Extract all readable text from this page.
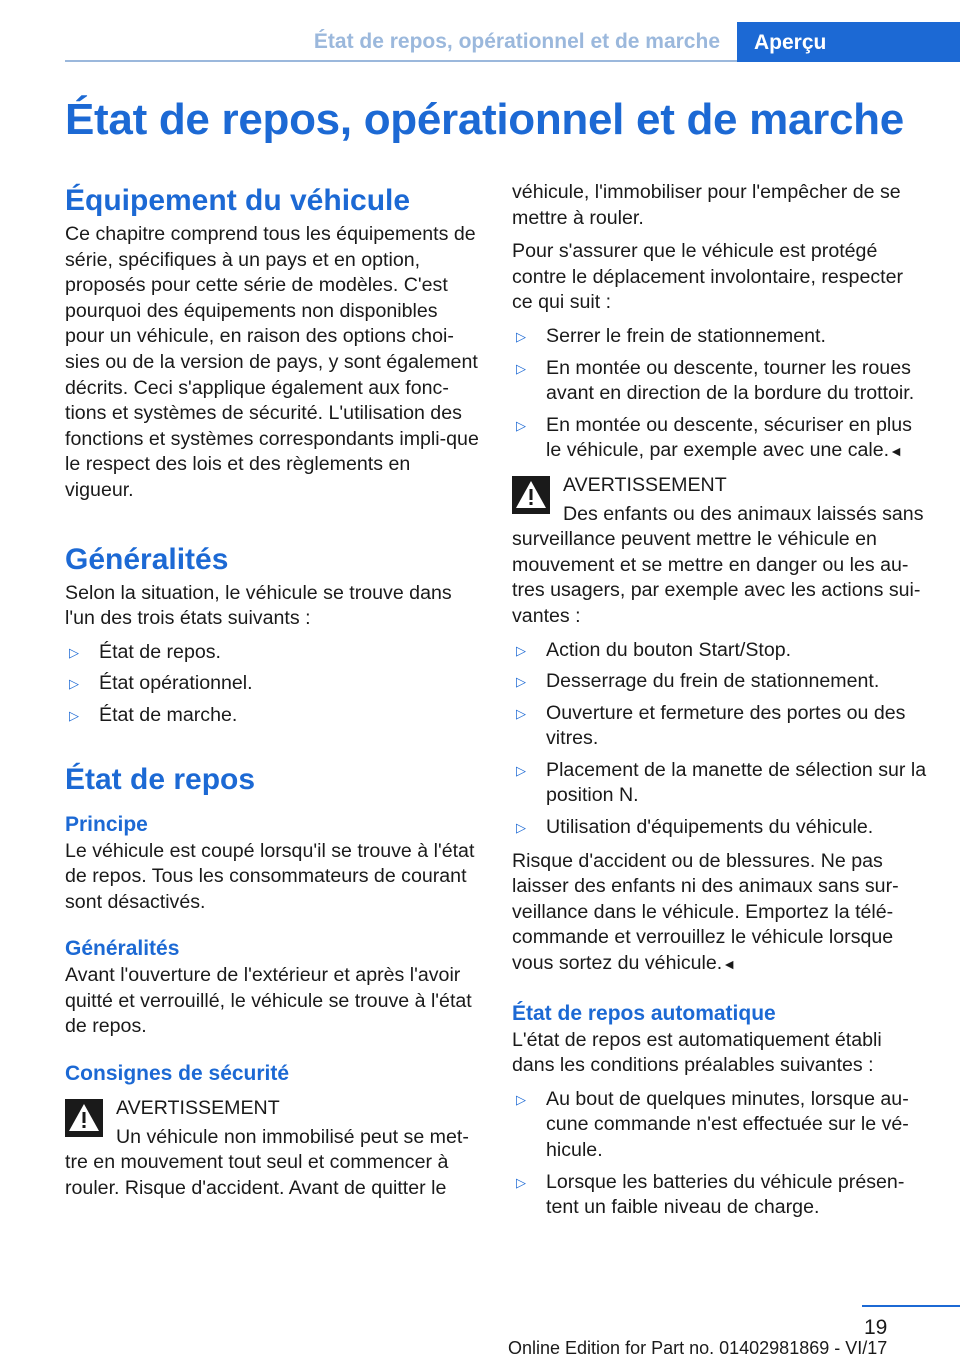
État de repos, opérationnel et de marche	Aperçu
État de repos, opérationnel et de marche
Équipement du véhicule

Ce chapitre comprend tous les équipements de série, spécifiques à un pays et en option, proposés pour cette série de modèles. C'est pourquoi des équipements non disponibles pour un véhicule, en raison des options choi-sies ou de la version de pays, y sont également décrits. Ceci s'applique également aux fonc-tions et systèmes de sécurité. L'utilisation des fonctions et systèmes correspondants impli-que le respect des lois et des règlements en vigueur.

Généralités

Selon la situation, le véhicule se trouve dans l'un des trois états suivants :

▷	État de repos.
▷	État opérationnel.
▷	État de marche.
État de repos
Principe

Le véhicule est coupé lorsqu'il se trouve à l'état de repos. Tous les consommateurs de courant sont désactivés.

Généralités

Avant l'ouverture de l'extérieur et après l'avoir quitté et verrouillé, le véhicule se trouve à l'état de repos.

Consignes de sécurité
AVERTISSEMENT

Un véhicule non immobilisé peut se met-tre en mouvement tout seul et commencer à rouler. Risque d'accident. Avant de quitter le

véhicule, l'immobiliser pour l'empêcher de se mettre à rouler.

Pour s'assurer que le véhicule est protégé contre le déplacement involontaire, respecter ce qui suit :

▷	Serrer le frein de stationnement.
▷	En montée ou descente, tourner les roues avant en direction de la bordure du trottoir.
▷	En montée ou descente, sécuriser en plus le véhicule, par exemple avec une cale.◄
AVERTISSEMENT

Des enfants ou des animaux laissés sans surveillance peuvent mettre le véhicule en mouvement et se mettre en danger ou les au-tres usagers, par exemple avec les actions sui-vantes :

▷	Action du bouton Start/Stop.
▷	Desserrage du frein de stationnement.
▷	Ouverture et fermeture des portes ou des vitres.
▷	Placement de la manette de sélection sur la position N.
▷	Utilisation d'équipements du véhicule.

Risque d'accident ou de blessures. Ne pas laisser des enfants ni des animaux sans sur-veillance dans le véhicule. Emportez la télé-commande et verrouillez le véhicule lorsque vous sortez du véhicule.◄

État de repos automatique

L'état de repos est automatiquement établi dans les conditions préalables suivantes :

▷	Au bout de quelques minutes, lorsque au-cune commande n'est effectuée sur le vé-hicule.
▷	Lorsque les batteries du véhicule présen-tent un faible niveau de charge.
19
Online Edition for Part no. 01402981869 - VI/17
